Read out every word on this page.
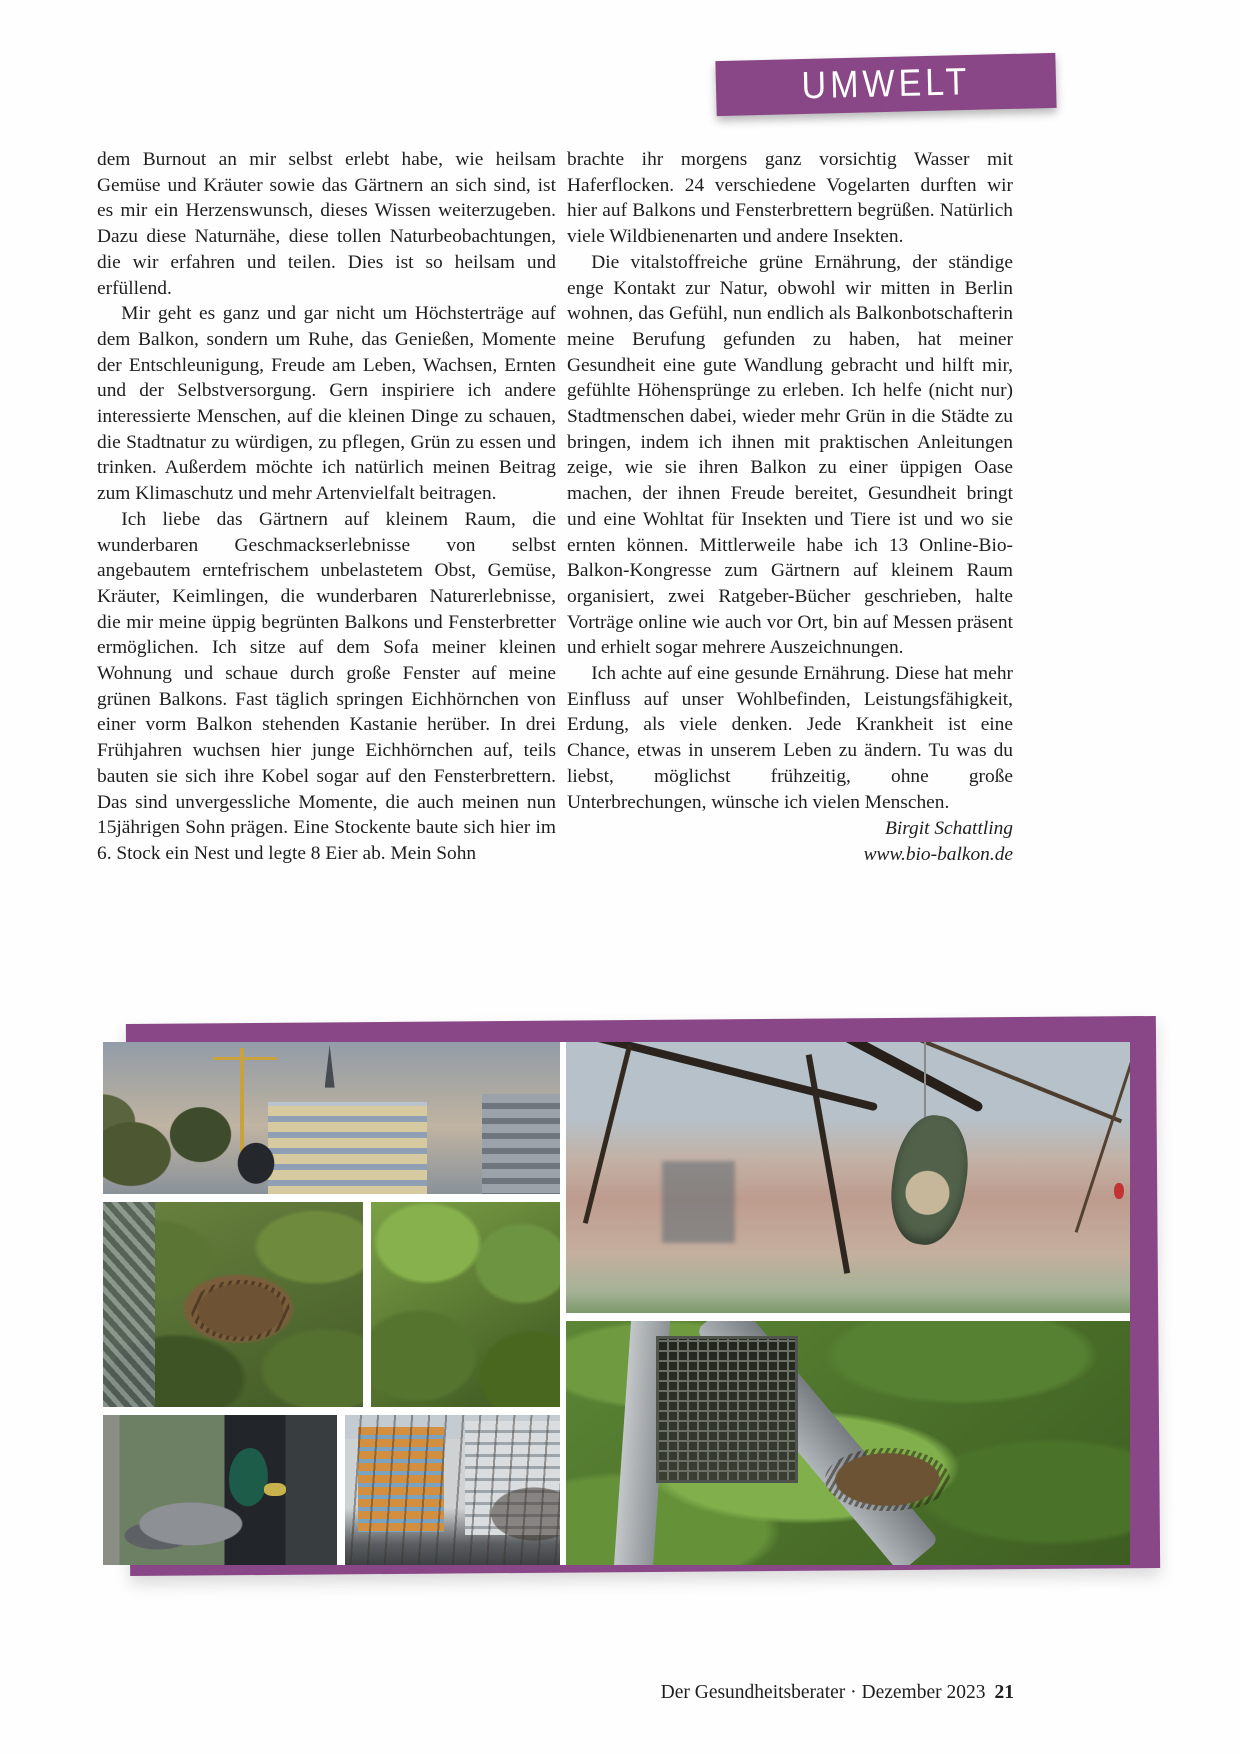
UMWELT

dem Burnout an mir selbst erlebt habe, wie heilsam Gemüse und Kräuter sowie das Gärtnern an sich sind, ist es mir ein Herzenswunsch, dieses Wissen weiterzugeben. Dazu diese Naturnähe, diese tollen Naturbeobachtungen, die wir erfahren und teilen. Dies ist so heilsam und erfüllend.

Mir geht es ganz und gar nicht um Höchsterträge auf dem Balkon, sondern um Ruhe, das Genießen, Momente der Entschleunigung, Freude am Leben, Wachsen, Ernten und der Selbstversorgung. Gern inspiriere ich andere interessierte Menschen, auf die kleinen Dinge zu schauen, die Stadtnatur zu würdigen, zu pflegen, Grün zu essen und trinken. Außerdem möchte ich natürlich meinen Beitrag zum Klimaschutz und mehr Artenvielfalt beitragen.

Ich liebe das Gärtnern auf kleinem Raum, die wunderbaren Geschmackserlebnisse von selbst angebautem erntefrischem unbelastetem Obst, Gemüse, Kräuter, Keimlingen, die wunderbaren Naturerlebnisse, die mir meine üppig begrünten Balkons und Fensterbretter ermöglichen. Ich sitze auf dem Sofa meiner kleinen Wohnung und schaue durch große Fenster auf meine grünen Balkons. Fast täglich springen Eichhörnchen von einer vorm Balkon stehenden Kastanie herüber. In drei Frühjahren wuchsen hier junge Eichhörnchen auf, teils bauten sie sich ihre Kobel sogar auf den Fensterbrettern. Das sind unvergessliche Momente, die auch meinen nun 15jährigen Sohn prägen. Eine Stockente baute sich hier im 6. Stock ein Nest und legte 8 Eier ab. Mein Sohn

brachte ihr morgens ganz vorsichtig Wasser mit Haferflocken. 24 verschiedene Vogelarten durften wir hier auf Balkons und Fensterbrettern begrüßen. Natürlich viele Wildbienenarten und andere Insekten.

Die vitalstoffreiche grüne Ernährung, der ständige enge Kontakt zur Natur, obwohl wir mitten in Berlin wohnen, das Gefühl, nun endlich als Balkonbotschafterin meine Berufung gefunden zu haben, hat meiner Gesundheit eine gute Wandlung gebracht und hilft mir, gefühlte Höhensprünge zu erleben. Ich helfe (nicht nur) Stadtmenschen dabei, wieder mehr Grün in die Städte zu bringen, indem ich ihnen mit praktischen Anleitungen zeige, wie sie ihren Balkon zu einer üppigen Oase machen, der ihnen Freude bereitet, Gesundheit bringt und eine Wohltat für Insekten und Tiere ist und wo sie ernten können. Mittlerweile habe ich 13 Online-Bio-Balkon-Kongresse zum Gärtnern auf kleinem Raum organisiert, zwei Ratgeber-Bücher geschrieben, halte Vorträge online wie auch vor Ort, bin auf Messen präsent und erhielt sogar mehrere Auszeichnungen.

Ich achte auf eine gesunde Ernährung. Diese hat mehr Einfluss auf unser Wohlbefinden, Leistungsfähigkeit, Erdung, als viele denken. Jede Krankheit ist eine Chance, etwas in unserem Leben zu ändern. Tu was du liebst, möglichst frühzeitig, ohne große Unterbrechungen, wünsche ich vielen Menschen.

Birgit Schattling
www.bio-balkon.de
Der Gesundheitsberater · Dezember 2023 21
